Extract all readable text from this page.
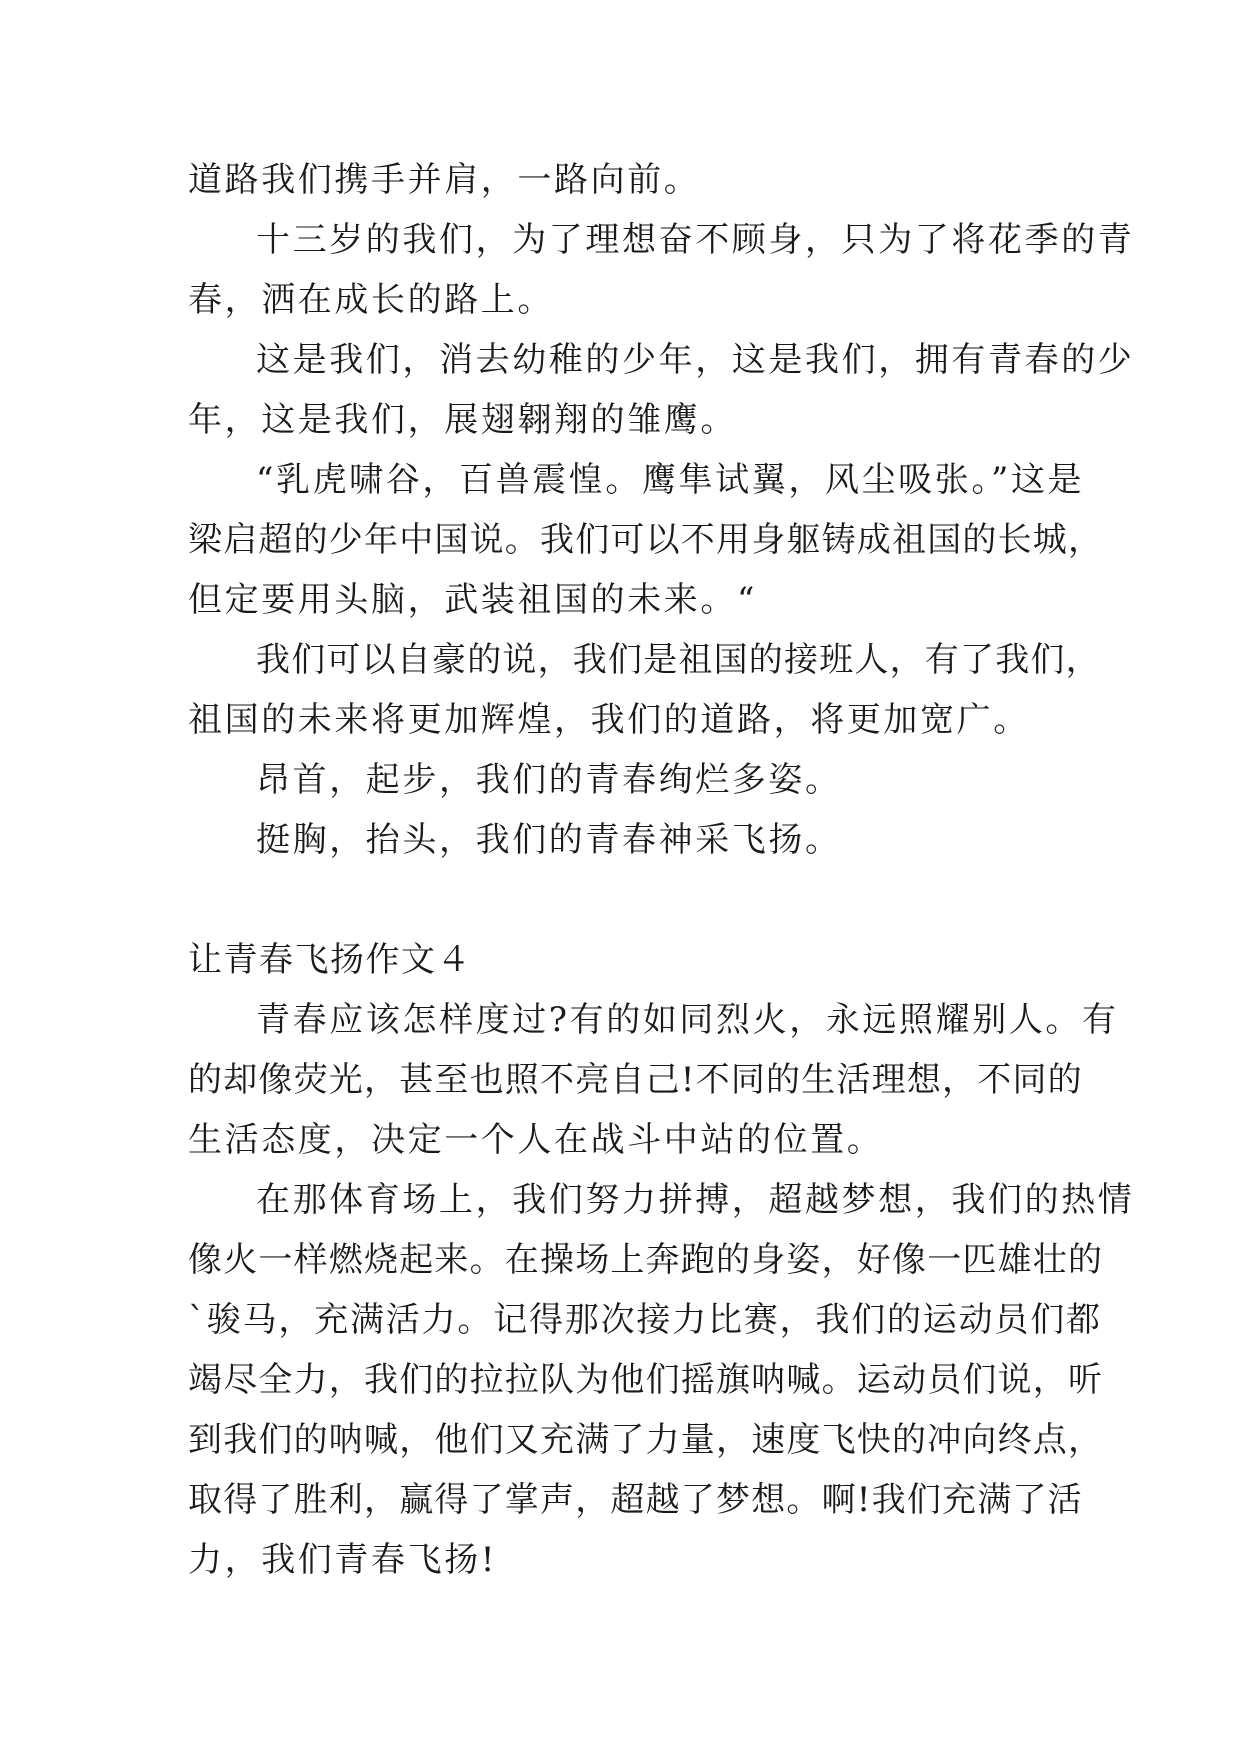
道路我们携手并肩，一路向前。
十三岁的我们，为了理想奋不顾身，只为了将花季的青
春，洒在成长的路上。
这是我们，消去幼稚的少年，这是我们，拥有青春的少
年，这是我们，展翅翱翔的雏鹰。
“乳虎啸谷，百兽震惶。鹰隼试翼，风尘吸张。”这是
梁启超的少年中国说。我们可以不用身躯铸成祖国的长城，
但定要用头脑，武装祖国的未来。“
我们可以自豪的说，我们是祖国的接班人，有了我们，
祖国的未来将更加辉煌，我们的道路，将更加宽广。
昂首，起步，我们的青春绚烂多姿。
挺胸，抬头，我们的青春神采飞扬。
让青春飞扬作文４
青春应该怎样度过?有的如同烈火，永远照耀别人。有
的却像荧光，甚至也照不亮自己!不同的生活理想，不同的
生活态度，决定一个人在战斗中站的位置。
在那体育场上，我们努力拼搏，超越梦想，我们的热情
像火一样燃烧起来。在操场上奔跑的身姿，好像一匹雄壮的
`骏马，充满活力。记得那次接力比赛，我们的运动员们都
竭尽全力，我们的拉拉队为他们摇旗呐喊。运动员们说，听
到我们的呐喊，他们又充满了力量，速度飞快的冲向终点，
取得了胜利，赢得了掌声，超越了梦想。啊!我们充满了活
力，我们青春飞扬!
